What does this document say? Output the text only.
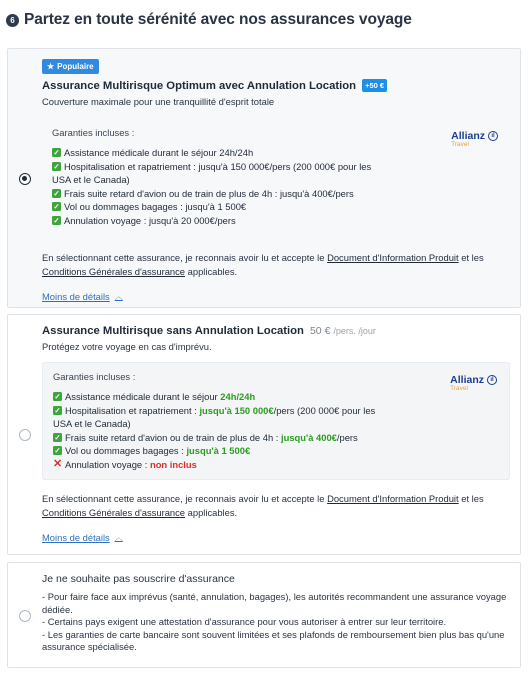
6 Partez en toute sérénité avec nos assurances voyage
★ Populaire
Assurance Multirisque Optimum avec Annulation Location	+50 €
Couverture maximale pour une tranquillité d'esprit totale
Allianz	ıl
Travel
Garanties incluses :
✓ Assistance médicale durant le séjour 24h/24h
✓ Hospitalisation et rapatriement : jusqu'à 150 000€/pers (200 000€ pour les
USA et le Canada)
✓ Frais suite retard d'avion ou de train de plus de 4h : jusqu'à 400€/pers
✓ Vol ou dommages bagages : jusqu'à 1 500€
✓ Annulation voyage : jusqu'à 20 000€/pers
En sélectionnant cette assurance, je reconnais avoir lu et accepte le Document d'Information Produit et les Conditions Générales d'assurance applicables.
Moins de détails ︿
Assurance Multirisque sans Annulation Location 50 € /pers. /jour
Protégez votre voyage en cas d'imprévu.
Allianz	ıl
Travel
Garanties incluses :
✓ Assistance médicale durant le séjour 24h/24h
✓ Hospitalisation et rapatriement : jusqu'à 150 000€/pers (200 000€ pour les
USA et le Canada)
✓ Frais suite retard d'avion ou de train de plus de 4h : jusqu'à 400€/pers
✓ Vol ou dommages bagages : jusqu'à 1 500€
✕ Annulation voyage : non inclus
En sélectionnant cette assurance, je reconnais avoir lu et accepte le Document d'Information Produit et les Conditions Générales d'assurance applicables.
Moins de détails ︿
Je ne souhaite pas souscrire d'assurance
- Pour faire face aux imprévus (santé, annulation, bagages), les autorités recommandent une assurance voyage dédiée.
- Certains pays exigent une attestation d'assurance pour vous autoriser à entrer sur leur territoire.
- Les garanties de carte bancaire sont souvent limitées et ses plafonds de remboursement bien plus bas qu'une assurance spécialisée.
